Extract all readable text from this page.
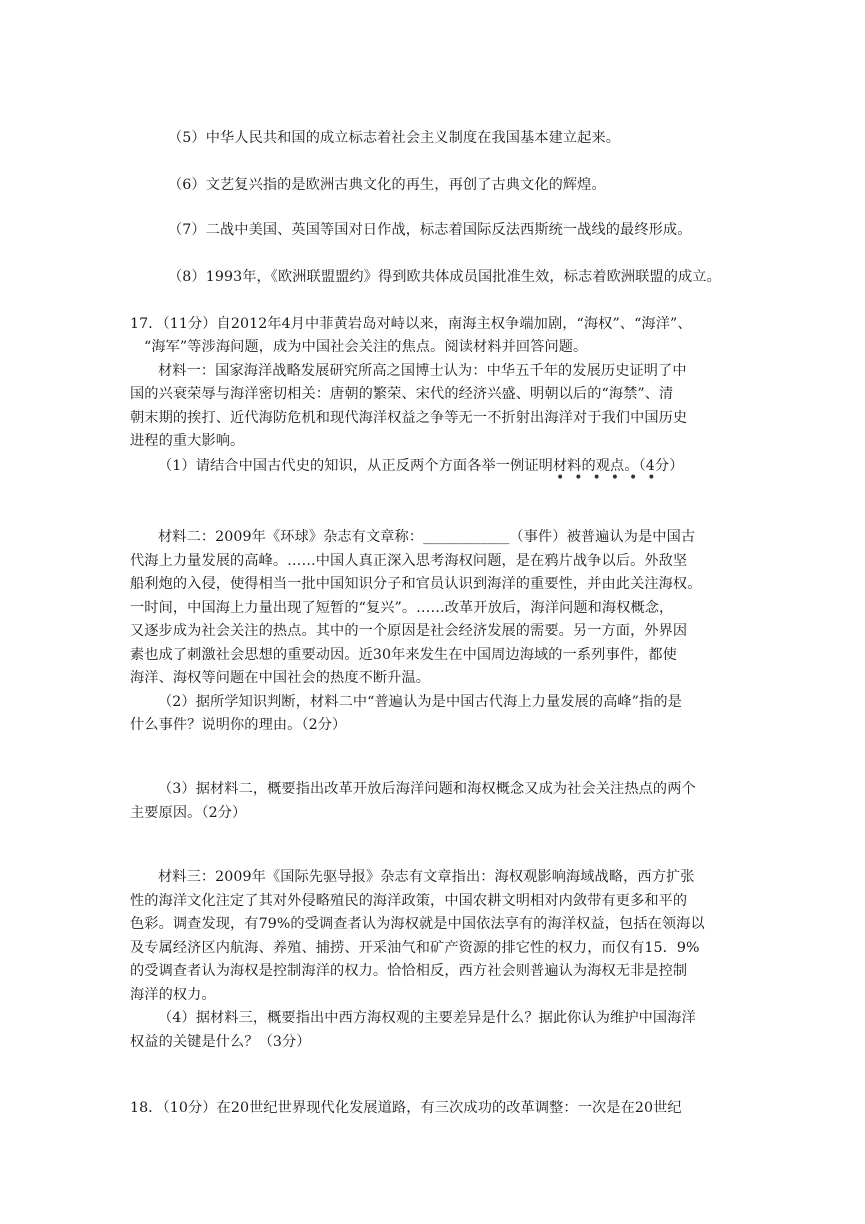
（5）中华人民共和国的成立标志着社会主义制度在我国基本建立起来。
（6）文艺复兴指的是欧洲古典文化的再生，再创了古典文化的辉煌。
（7）二战中美国、英国等国对日作战，标志着国际反法西斯统一战线的最终形成。
（8）1993年，《欧洲联盟盟约》得到欧共体成员国批准生效，标志着欧洲联盟的成立。
17．（11分）自2012年4月中菲黄岩岛对峙以来，南海主权争端加剧，“海权”、“海洋”、
“海军”等涉海问题，成为中国社会关注的焦点。阅读材料并回答问题。
材料一：国家海洋战略发展研究所高之国博士认为：中华五千年的发展历史证明了中
国的兴衰荣辱与海洋密切相关：唐朝的繁荣、宋代的经济兴盛、明朝以后的“海禁”、清
朝末期的挨打、近代海防危机和现代海洋权益之争等无一不折射出海洋对于我们中国历史
进程的重大影响。
（1）请结合中国古代史的知识，从正反两个方面各举一例证明材料的观点。（4分）
••••••
材料二：2009年《环球》杂志有文章称：____________（事件）被普遍认为是中国古
代海上力量发展的高峰。……中国人真正深入思考海权问题，是在鸦片战争以后。外敌坚
船利炮的入侵，使得相当一批中国知识分子和官员认识到海洋的重要性，并由此关注海权。
一时间，中国海上力量出现了短暂的“复兴”。……改革开放后，海洋问题和海权概念，
又逐步成为社会关注的热点。其中的一个原因是社会经济发展的需要。另一方面，外界因
素也成了刺激社会思想的重要动因。近30年来发生在中国周边海域的一系列事件，都使
海洋、海权等问题在中国社会的热度不断升温。
（2）据所学知识判断，材料二中“普遍认为是中国古代海上力量发展的高峰”指的是
什么事件？说明你的理由。（2分）
（3）据材料二，概要指出改革开放后海洋问题和海权概念又成为社会关注热点的两个
主要原因。（2分）
材料三：2009年《国际先驱导报》杂志有文章指出：海权观影响海域战略，西方扩张
性的海洋文化注定了其对外侵略殖民的海洋政策，中国农耕文明相对内敛带有更多和平的
色彩。调查发现，有79%的受调查者认为海权就是中国依法享有的海洋权益，包括在领海以
及专属经济区内航海、养殖、捕捞、开采油气和矿产资源的排它性的权力，而仅有15．9%
的受调查者认为海权是控制海洋的权力。恰恰相反，西方社会则普遍认为海权无非是控制
海洋的权力。
（4）据材料三，概要指出中西方海权观的主要差异是什么？据此你认为维护中国海洋
权益的关键是什么？（3分）
18．（10分）在20世纪世界现代化发展道路，有三次成功的改革调整：一次是在20世纪
